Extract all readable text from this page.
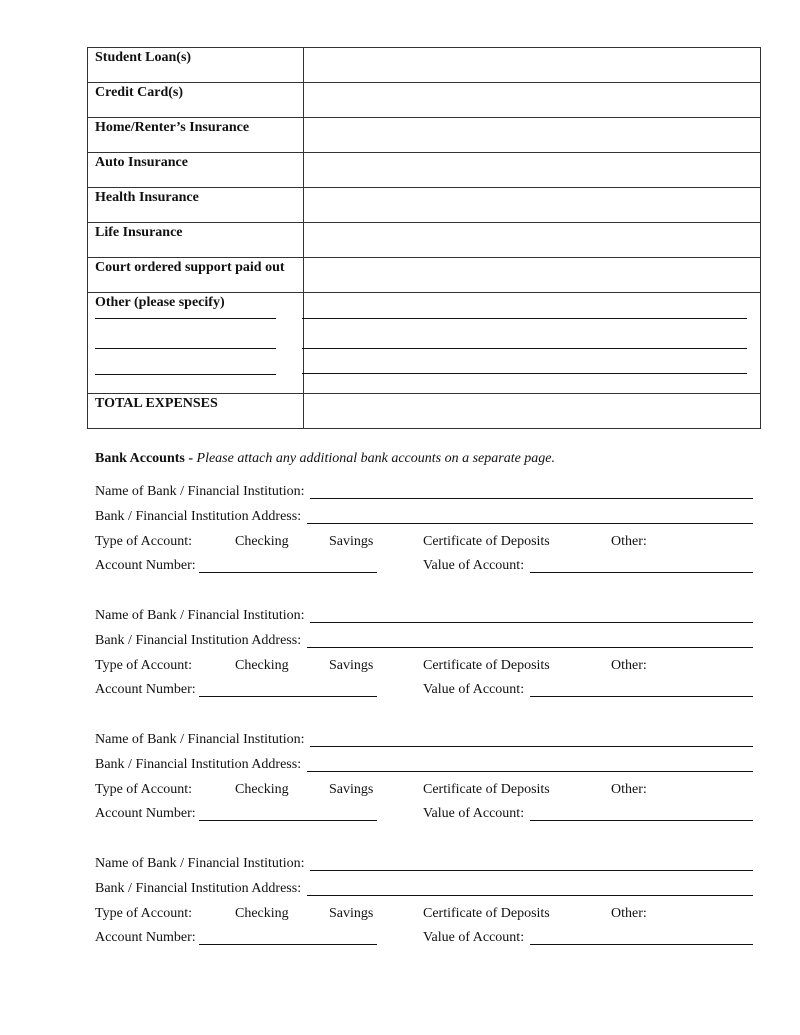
Student Loan(s)	
Credit Card(s)	
Home/Renter’s Insurance	
Auto Insurance	
Health Insurance	
Life Insurance	
Court ordered support paid out	
Other (please specify)	
TOTAL EXPENSES	
Bank Accounts - Please attach any additional bank accounts on a separate page.
Name of Bank / Financial Institution:
Bank / Financial Institution Address:
Type of Account:	Checking	Savings	Certificate of Deposits	Other:
Account Number:	Value of Account:
Name of Bank / Financial Institution:
Bank / Financial Institution Address:
Type of Account:	Checking	Savings	Certificate of Deposits	Other:
Account Number:	Value of Account:
Name of Bank / Financial Institution:
Bank / Financial Institution Address:
Type of Account:	Checking	Savings	Certificate of Deposits	Other:
Account Number:	Value of Account:
Name of Bank / Financial Institution:
Bank / Financial Institution Address:
Type of Account:	Checking	Savings	Certificate of Deposits	Other:
Account Number:	Value of Account:
